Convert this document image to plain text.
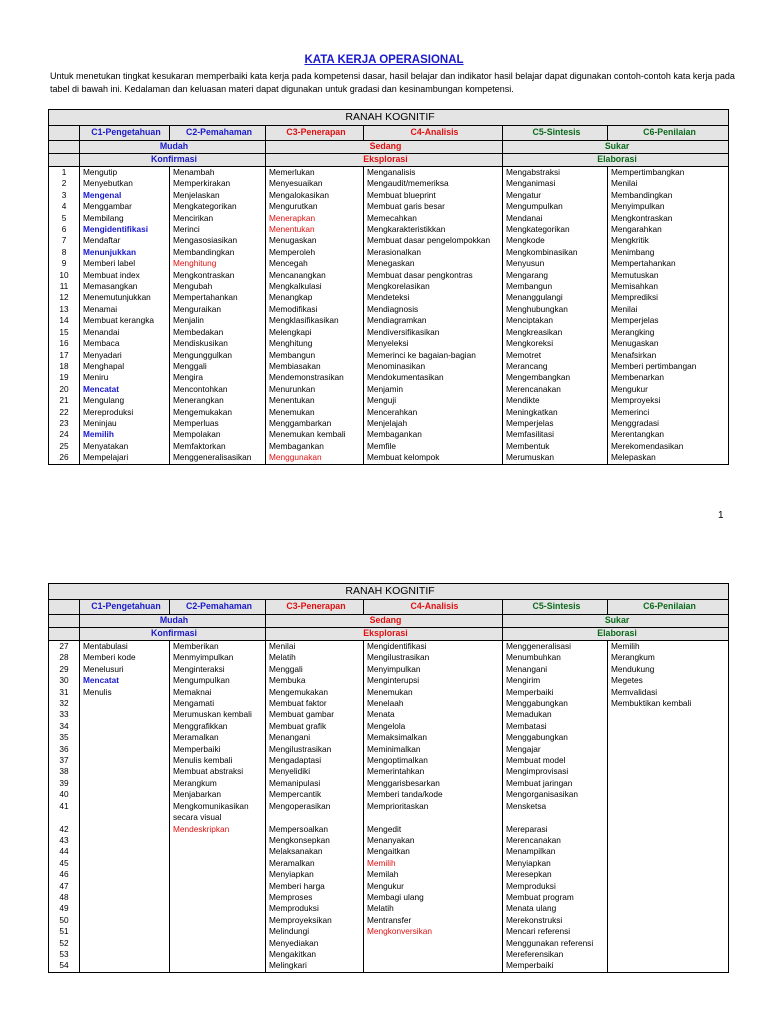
KATA KERJA OPERASIONAL
Untuk menetukan tingkat kesukaran memperbaiki kata kerja pada kompetensi dasar, hasil belajar dan indikator hasil belajar dapat digunakan contoh-contoh kata kerja pada tabel di bawah ini. Kedalaman dan keluasan materi dapat digunakan untuk gradasi dan kesinambungan kompetensi.
RANAH KOGNITIF						
	C1-Pengetahuan	C2-Pemahaman	C3-Penerapan	C4-Analisis	C5-Sintesis	C6-Penilaian
	Mudah		Sedang		Sukar	
	Konfirmasi		Eksplorasi		Elaborasi	
1	Mengutip	Menambah	Memerlukan	Menganalisis	Mengabstraksi	Mempertimbangkan
2	Menyebutkan	Memperkirakan	Menyesuaikan	Mengaudit/memeriksa	Menganimasi	Menilai
3	Mengenal	Menjelaskan	Mengalokasikan	Membuat blueprint	Mengatur	Membandingkan
4	Menggambar	Mengkategorikan	Mengurutkan	Membuat garis besar	Mengumpulkan	Menyimpulkan
5	Membilang	Mencirikan	Menerapkan	Memecahkan	Mendanai	Mengkontraskan
6	Mengidentifikasi	Merinci	Menentukan	Mengkarakteristikkan	Mengkategorikan	Mengarahkan
7	Mendaftar	Mengasosiasikan	Menugaskan	Membuat dasar pengelompokkan	Mengkode	Mengkritik
8	Menunjukkan	Membandingkan	Memperoleh	Merasionalkan	Mengkombinasikan	Menimbang
9	Memberi label	Menghitung	Mencegah	Menegaskan	Menyusun	Mempertahankan
10	Membuat index	Mengkontraskan	Mencanangkan	Membuat dasar pengkontras	Mengarang	Memutuskan
11	Memasangkan	Mengubah	Mengkalkulasi	Mengkorelasikan	Membangun	Memisahkan
12	Menemutunjukkan	Mempertahankan	Menangkap	Mendeteksi	Menanggulangi	Memprediksi
13	Menamai	Menguraikan	Memodifikasi	Mendiagnosis	Menghubungkan	Menilai
14	Membuat kerangka	Menjalin	Mengklasifikasikan	Mendiagramkan	Menciptakan	Memperjelas
15	Menandai	Membedakan	Melengkapi	Mendiversifikasikan	Mengkreasikan	Merangking
16	Membaca	Mendiskusikan	Menghitung	Menyeleksi	Mengkoreksi	Menugaskan
17	Menyadari	Mengunggulkan	Membangun	Memerinci ke bagaian-bagian	Memotret	Menafsirkan
18	Menghapal	Menggali	Membiasakan	Menominasikan	Merancang	Memberi pertimbangan
19	Meniru	Mengira	Mendemonstrasikan	Mendokumentasikan	Mengembangkan	Membenarkan
20	Mencatat	Mencontohkan	Menurunkan	Menjamin	Merencanakan	Mengukur
21	Mengulang	Menerangkan	Menentukan	Menguji	Mendikte	Memproyeksi
22	Mereproduksi	Mengemukakan	Menemukan	Mencerahkan	Meningkatkan	Memerinci
23	Meninjau	Memperluas	Menggambarkan	Menjelajah	Memperjelas	Menggradasi
24	Memilih	Mempolakan	Menemukan kembali	Membagankan	Memfasilitasi	Merentangkan
25	Menyatakan	Memfaktorkan	Membagankan	Memfile	Membentuk	Merekomendasikan
26	Mempelajari	Menggeneralisasikan	Menggunakan	Membuat kelompok	Merumuskan	Melepaskan
1
RANAH KOGNITIF						
	C1-Pengetahuan	C2-Pemahaman	C3-Penerapan	C4-Analisis	C5-Sintesis	C6-Penilaian
	Mudah		Sedang		Sukar	
	Konfirmasi		Eksplorasi		Elaborasi	
27	Mentabulasi	Memberikan	Menilai	Mengidentifikasi	Menggeneralisasi	Memilih
28	Memberi kode	Menmyimpulkan	Melatih	Mengilustrasikan	Menumbuhkan	Merangkum
29	Menelusuri	Menginteraksi	Menggali	Menyimpulkan	Menangani	Mendukung
30	Mencatat	Mengumpulkan	Membuka	Menginterupsi	Mengirim	Megetes
31	Menulis	Memaknai	Mengemukakan	Menemukan	Memperbaiki	Memvalidasi
32		Mengamati	Membuat faktor	Menelaah	Menggabungkan	Membuktikan kembali
33		Merumuskan kembali	Membuat gambar	Menata	Memadukan	
34		Menggrafikkan	Membuat grafik	Mengelola	Membatasi	
35		Meramalkan	Menangani	Memaksimalkan	Menggabungkan	
36		Memperbaiki	Mengilustrasikan	Meminimalkan	Mengajar	
37		Menulis kembali	Mengadaptasi	Mengoptimalkan	Membuat model	
38		Membuat abstraksi	Menyelidiki	Memerintahkan	Mengimprovisasi	
39		Merangkum	Memanipulasi	Menggarisbesarkan	Membuat jaringan	
40		Menjabarkan	Mempercantik	Memberi tanda/kode	Mengorganisasikan	
41		Mengkomunikasikan secara visual	Mengoperasikan	Memprioritaskan	Mensketsa	
42		Mendeskripkan	Mempersoalkan	Mengedit	Mereparasi	
43			Mengkonsepkan	Menanyakan	Merencanakan	
44			Melaksanakan	Mengaitkan	Menampilkan	
45			Meramalkan	Memilih	Menyiapkan	
46			Menyiapkan	Memilah	Meresepkan	
47			Memberi harga	Mengukur	Memproduksi	
48			Memproses	Membagi ulang	Membuat program	
49			Memproduksi	Melatih	Menata ulang	
50			Memproyeksikan	Mentransfer	Merekonstruksi	
51			Melindungi	Mengkonversikan	Mencari referensi	
52			Menyediakan		Menggunakan referensi	
53			Mengakitkan		Mereferensikan	
54			Melingkari		Memperbaiki	
